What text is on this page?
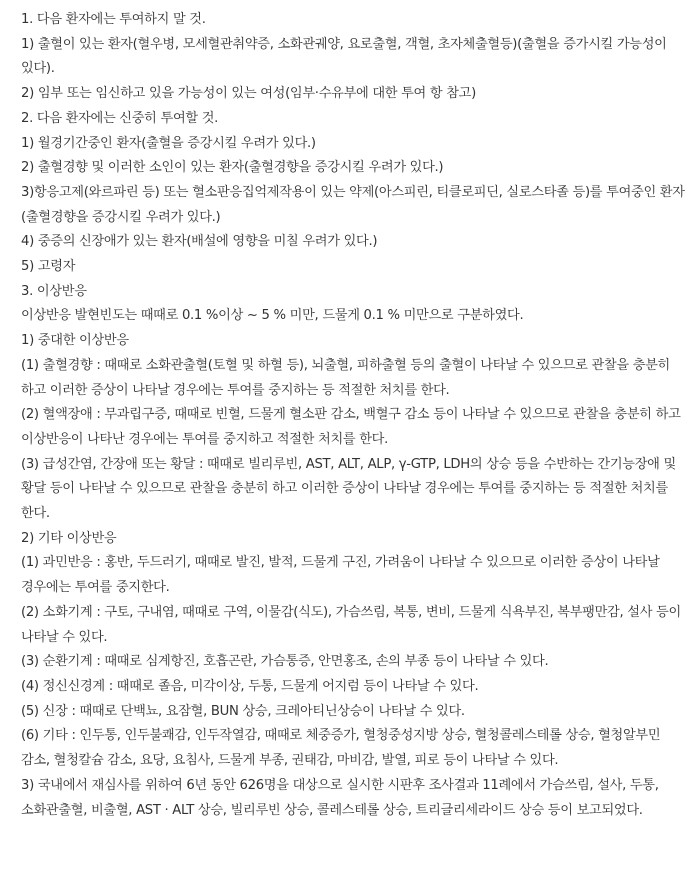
1. 다음 환자에는 투여하지 말 것.

1) 출혈이 있는 환자(혈우병, 모세혈관취약증, 소화관궤양, 요로출혈, 객혈, 초자체출혈등)(출혈을 증가시킬 가능성이 있다).

2) 임부 또는 임신하고 있을 가능성이 있는 여성(임부·수유부에 대한 투여 항 참고)

2. 다음 환자에는 신중히 투여할 것.

1) 월경기간중인 환자(출혈을 증강시킬 우려가 있다.)

2) 출혈경향 및 이러한 소인이 있는 환자(출혈경향을 증강시킬 우려가 있다.)

3)항응고제(와르파린 등) 또는 혈소판응집억제작용이 있는 약제(아스피린, 티클로피딘, 실로스타졸 등)를 투여중인 환자(출혈경향을 증강시킬 우려가 있다.)

4) 중증의 신장애가 있는 환자(배설에 영향을 미칠 우려가 있다.)

5) 고령자

3. 이상반응

이상반응 발현빈도는 때때로 0.1 %이상 ~ 5 % 미만, 드물게 0.1 % 미만으로 구분하였다.

1) 중대한 이상반응

(1) 출혈경향 : 때때로 소화관출혈(토혈 및 하혈 등), 뇌출혈, 피하출혈 등의 출혈이 나타날 수 있으므로 관찰을 충분히 하고 이러한 증상이 나타날 경우에는 투여를 중지하는 등 적절한 처치를 한다.

(2) 혈액장애 : 무과립구증, 때때로 빈혈, 드물게 혈소판 감소, 백혈구 감소 등이 나타날 수 있으므로 관찰을 충분히 하고 이상반응이 나타난 경우에는 투여를 중지하고 적절한 처치를 한다.

(3) 급성간염, 간장애 또는 황달 : 때때로 빌리루빈, AST, ALT, ALP, γ-GTP, LDH의 상승 등을 수반하는 간기능장애 및 황달 등이 나타날 수 있으므로 관찰을 충분히 하고 이러한 증상이 나타날 경우에는 투여를 중지하는 등 적절한 처치를 한다.

2) 기타 이상반응

(1) 과민반응 : 홍반, 두드러기, 때때로 발진, 발적, 드물게 구진, 가려움이 나타날 수 있으므로 이러한 증상이 나타날 경우에는 투여를 중지한다.

(2) 소화기계 : 구토, 구내염, 때때로 구역, 이물감(식도), 가슴쓰림, 복통, 변비, 드물게 식욕부진, 복부팽만감, 설사 등이 나타날 수 있다.

(3) 순환기계 : 때때로 심계항진, 호흡곤란, 가슴통증, 안면홍조, 손의 부종 등이 나타날 수 있다.

(4) 정신신경계 : 때때로 졸음, 미각이상, 두통, 드물게 어지럼 등이 나타날 수 있다.

(5) 신장 : 때때로 단백뇨, 요잠혈, BUN 상승, 크레아티닌상승이 나타날 수 있다.

(6) 기타 : 인두통, 인두불쾌감, 인두작열감, 때때로 체중증가, 혈청중성지방 상승, 혈청콜레스테롤 상승, 혈청알부민 감소, 혈청칼슘 감소, 요당, 요침사, 드물게 부종, 권태감, 마비감, 발열, 피로 등이 나타날 수 있다.

3) 국내에서 재심사를 위하여 6년 동안 626명을 대상으로 실시한 시판후 조사결과 11례에서 가슴쓰림, 설사, 두통, 소화관출혈, 비출혈, AST · ALT 상승, 빌리루빈 상승, 콜레스테롤 상승, 트리글리세라이드 상승 등이 보고되었다.
